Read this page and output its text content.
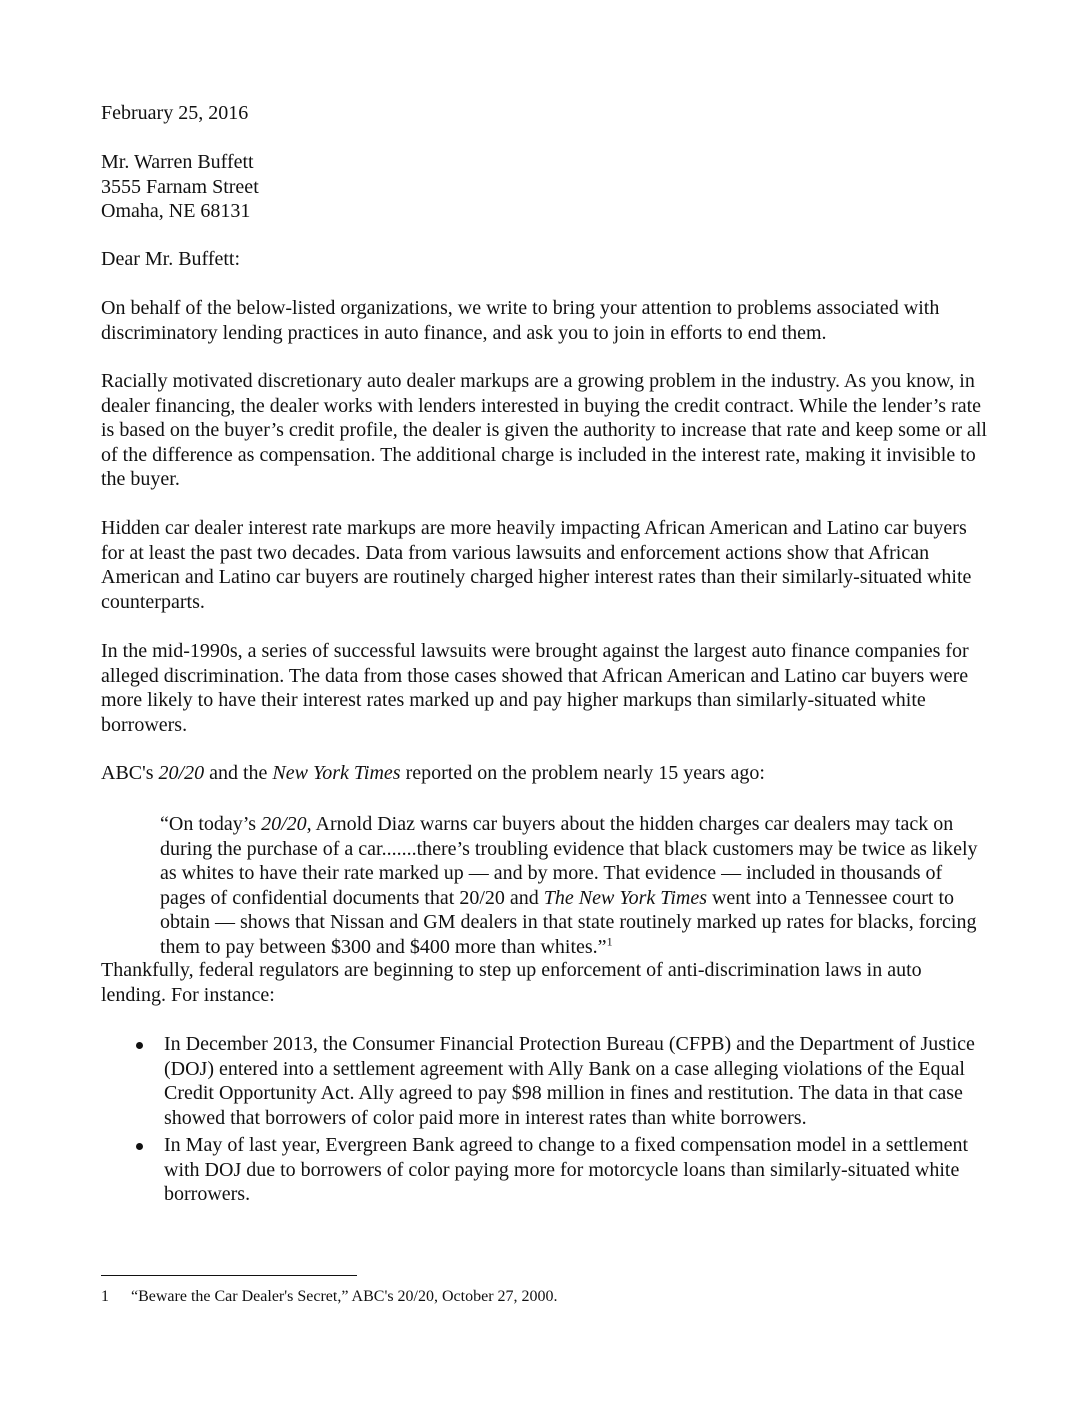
February 25, 2016

Mr. Warren Buffett
3555 Farnam Street
Omaha, NE 68131

Dear Mr. Buffett:

On behalf of the below-listed organizations, we write to bring your attention to problems associated with discriminatory lending practices in auto finance, and ask you to join in efforts to end them.

Racially motivated discretionary auto dealer markups are a growing problem in the industry. As you know, in dealer financing, the dealer works with lenders interested in buying the credit contract. While the lender’s rate is based on the buyer’s credit profile, the dealer is given the authority to increase that rate and keep some or all of the difference as compensation. The additional charge is included in the interest rate, making it invisible to the buyer.

Hidden car dealer interest rate markups are more heavily impacting African American and Latino car buyers for at least the past two decades. Data from various lawsuits and enforcement actions show that African American and Latino car buyers are routinely charged higher interest rates than their similarly-situated white counterparts.

In the mid-1990s, a series of successful lawsuits were brought against the largest auto finance companies for alleged discrimination. The data from those cases showed that African American and Latino car buyers were more likely to have their interest rates marked up and pay higher markups than similarly-situated white borrowers.

ABC's 20/20 and the New York Times reported on the problem nearly 15 years ago:

“On today’s 20/20, Arnold Diaz warns car buyers about the hidden charges car dealers may tack on during the purchase of a car.......there’s troubling evidence that black customers may be twice as likely as whites to have their rate marked up — and by more. That evidence — included in thousands of pages of confidential documents that 20/20 and The New York Times went into a Tennessee court to obtain — shows that Nissan and GM dealers in that state routinely marked up rates for blacks, forcing them to pay between $300 and $400 more than whites.”$^1$

Thankfully, federal regulators are beginning to step up enforcement of anti-discrimination laws in auto lending. For instance:

In December 2013, the Consumer Financial Protection Bureau (CFPB) and the Department of Justice (DOJ) entered into a settlement agreement with Ally Bank on a case alleging violations of the Equal Credit Opportunity Act. Ally agreed to pay $98 million in fines and restitution. The data in that case showed that borrowers of color paid more in interest rates than white borrowers.
In May of last year, Evergreen Bank agreed to change to a fixed compensation model in a settlement with DOJ due to borrowers of color paying more for motorcycle loans than similarly-situated white borrowers.
1 “Beware the Car Dealer's Secret,” ABC's 20/20, October 27, 2000.
